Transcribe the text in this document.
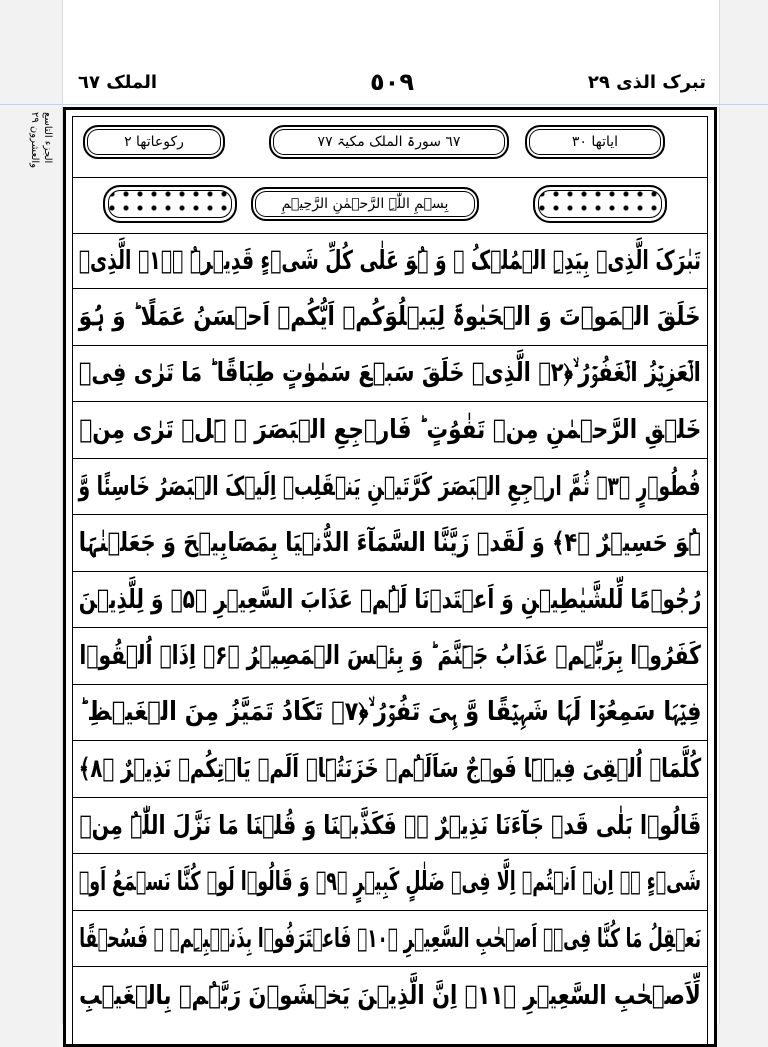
الملک ٦٧	٥٠٩	تبرک الذی ٢٩
الجزء التاسع والعشرون ٢٩	رکوعاتھا ٢	٦٧ سورۃ الملک مکیۃ ٧٧	ایاتھا ٣٠
بِسۡمِ اللّٰہِ الرَّحۡمٰنِ الرَّحِیۡمِ
تَبٰرَکَ الَّذِیۡ بِیَدِہِ الۡمُلۡکُ ۫ وَ ہُوَ عَلٰی کُلِّ شَیۡءٍ قَدِیۡرُۨ ۙ﴿۱﴾ الَّذِیۡ
خَلَقَ الۡمَوۡتَ وَ الۡحَیٰوۃَ لِیَبۡلُوَکُمۡ اَیُّکُمۡ اَحۡسَنُ عَمَلًا ؕ وَ ہُوَ
الۡعَزِیۡزُ الۡغَفُوۡرُ ۙ﴿۲﴾ الَّذِیۡ خَلَقَ سَبۡعَ سَمٰوٰتٍ طِبَاقًا ؕ مَا تَرٰی فِیۡ
خَلۡقِ الرَّحۡمٰنِ مِنۡ تَفٰوُتٍ ؕ فَارۡجِعِ الۡبَصَرَ ۙ ہَلۡ تَرٰی مِنۡ
فُطُوۡرٍ ﴿۳﴾ ثُمَّ ارۡجِعِ الۡبَصَرَ کَرَّتَیۡنِ یَنۡقَلِبۡ اِلَیۡکَ الۡبَصَرُ خَاسِئًا وَّ
ہُوَ حَسِیۡرٌ ﴿۴﴾ وَ لَقَدۡ زَیَّنَّا السَّمَآءَ الدُّنۡیَا بِمَصَابِیۡحَ وَ جَعَلۡنٰہَا
رُجُوۡمًا لِّلشَّیٰطِیۡنِ وَ اَعۡتَدۡنَا لَہُمۡ عَذَابَ السَّعِیۡرِ ﴿۵﴾ وَ لِلَّذِیۡنَ
کَفَرُوۡا بِرَبِّہِمۡ عَذَابُ جَہَنَّمَ ؕ وَ بِئۡسَ الۡمَصِیۡرُ ﴿۶﴾ اِذَاۤ اُلۡقُوۡا
فِیۡہَا سَمِعُوۡا لَہَا شَہِیۡقًا وَّ ہِیَ تَفُوۡرُ ۙ﴿۷﴾ تَکَادُ تَمَیَّزُ مِنَ الۡغَیۡظِ ؕ
کُلَّمَاۤ اُلۡقِیَ فِیۡہَا فَوۡجٌ سَاَلَہُمۡ خَزَنَتُہَاۤ اَلَمۡ یَاۡتِکُمۡ نَذِیۡرٌ ﴿۸﴾
قَالُوۡا بَلٰی قَدۡ جَآءَنَا نَذِیۡرٌ ۬ۙ فَکَذَّبۡنَا وَ قُلۡنَا مَا نَزَّلَ اللّٰہُ مِنۡ
شَیۡءٍ ۚۖ اِنۡ اَنۡتُمۡ اِلَّا فِیۡ ضَلٰلٍ کَبِیۡرٍ ﴿۹﴾ وَ قَالُوۡا لَوۡ کُنَّا نَسۡمَعُ اَوۡ
نَعۡقِلُ مَا کُنَّا فِیۡۤ اَصۡحٰبِ السَّعِیۡرِ ﴿۱۰﴾ فَاعۡتَرَفُوۡا بِذَنۡۢبِہِمۡ ۚ فَسُحۡقًا
لِّاَصۡحٰبِ السَّعِیۡرِ ﴿۱۱﴾ اِنَّ الَّذِیۡنَ یَخۡشَوۡنَ رَبَّہُمۡ بِالۡغَیۡبِ
